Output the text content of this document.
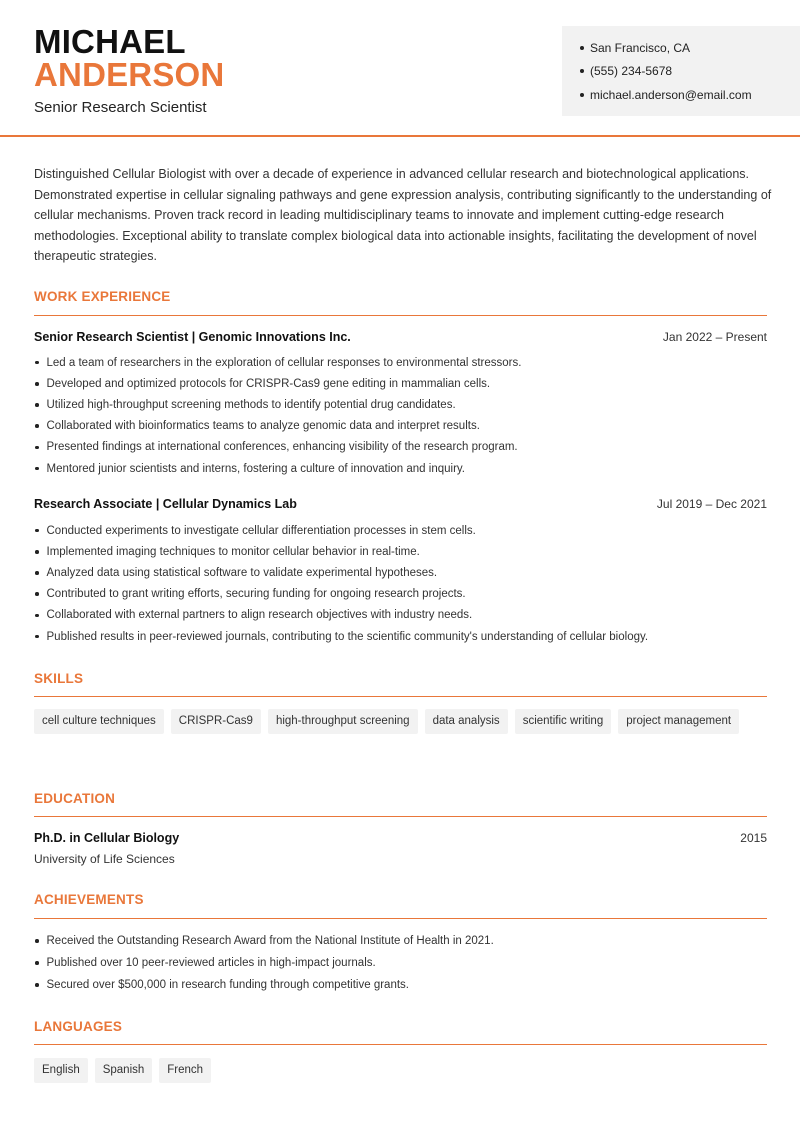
MICHAEL
ANDERSON
Senior Research Scientist
San Francisco, CA
(555) 234-5678
michael.anderson@email.com

Distinguished Cellular Biologist with over a decade of experience in advanced cellular research and biotechnological applications. Demonstrated expertise in cellular signaling pathways and gene expression analysis, contributing significantly to the understanding of cellular mechanisms. Proven track record in leading multidisciplinary teams to innovate and implement cutting-edge research methodologies. Exceptional ability to translate complex biological data into actionable insights, facilitating the development of novel therapeutic strategies.

WORK EXPERIENCE
Senior Research Scientist | Genomic Innovations Inc.	Jan 2022 – Present
Led a team of researchers in the exploration of cellular responses to environmental stressors.
Developed and optimized protocols for CRISPR-Cas9 gene editing in mammalian cells.
Utilized high-throughput screening methods to identify potential drug candidates.
Collaborated with bioinformatics teams to analyze genomic data and interpret results.
Presented findings at international conferences, enhancing visibility of the research program.
Mentored junior scientists and interns, fostering a culture of innovation and inquiry.
Research Associate | Cellular Dynamics Lab	Jul 2019 – Dec 2021
Conducted experiments to investigate cellular differentiation processes in stem cells.
Implemented imaging techniques to monitor cellular behavior in real-time.
Analyzed data using statistical software to validate experimental hypotheses.
Contributed to grant writing efforts, securing funding for ongoing research projects.
Collaborated with external partners to align research objectives with industry needs.
Published results in peer-reviewed journals, contributing to the scientific community's understanding of cellular biology.
SKILLS
cell culture techniques	CRISPR-Cas9	high-throughput screening	data analysis	scientific writing	project management
EDUCATION
Ph.D. in Cellular Biology	2015
University of Life Sciences
ACHIEVEMENTS
Received the Outstanding Research Award from the National Institute of Health in 2021.
Published over 10 peer-reviewed articles in high-impact journals.
Secured over $500,000 in research funding through competitive grants.
LANGUAGES
English	Spanish	French
